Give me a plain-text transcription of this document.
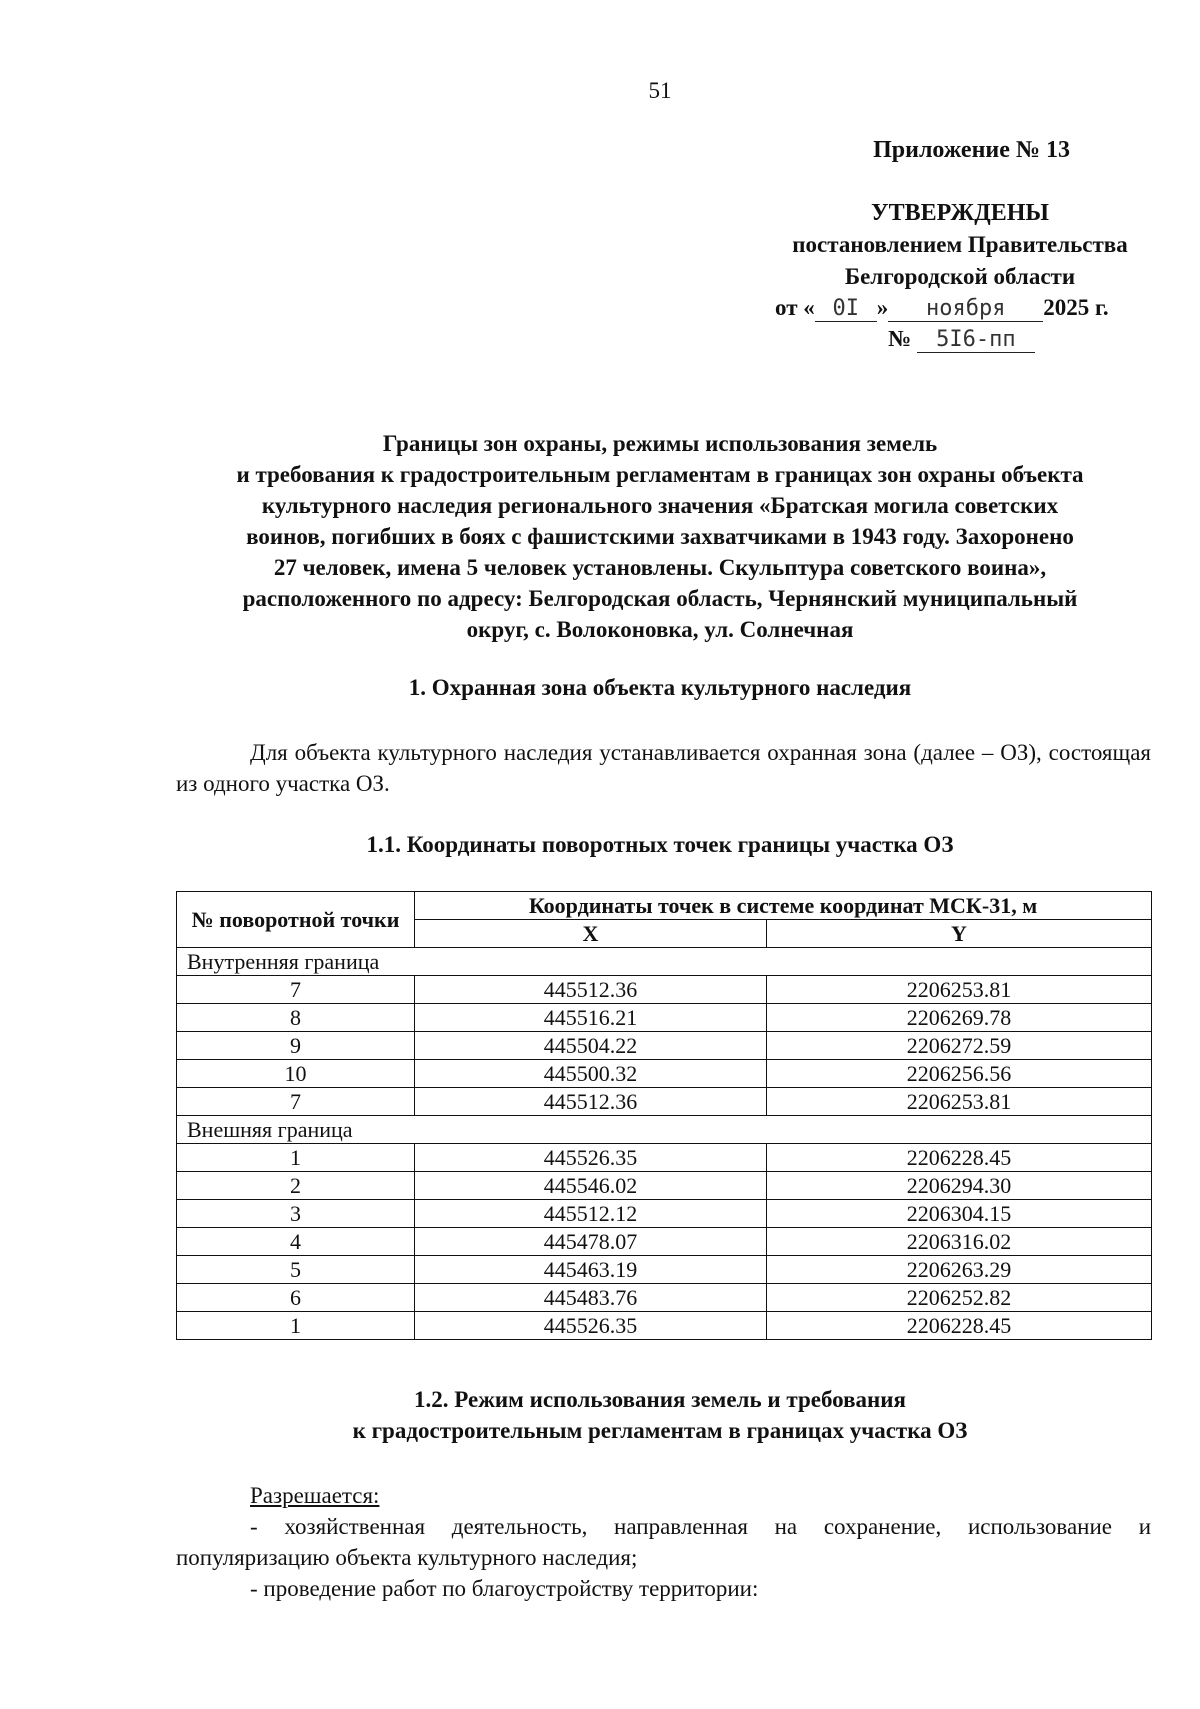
51
Приложение № 13
УТВЕРЖДЕНЫ
постановлением Правительства
Белгородской области
от « 0I » ноября 2025 г.
№ 5I6-пп
Границы зон охраны, режимы использования земель
и требования к градостроительным регламентам в границах зон охраны объекта
культурного наследия регионального значения «Братская могила советских
воинов, погибших в боях с фашистскими захватчиками в 1943 году. Захоронено
27 человек, имена 5 человек установлены. Скульптура советского воина»,
расположенного по адресу: Белгородская область, Чернянский муниципальный
округ, с. Волоконовка, ул. Солнечная
1. Охранная зона объекта культурного наследия
Для объекта культурного наследия устанавливается охранная зона (далее – ОЗ), состоящая из одного участка ОЗ.
1.1. Координаты поворотных точек границы участка ОЗ
№ поворотной точки	Координаты точек в системе координат МСК-31, м	
	X	Y
Внутренняя граница		
7	445512.36	2206253.81
8	445516.21	2206269.78
9	445504.22	2206272.59
10	445500.32	2206256.56
7	445512.36	2206253.81
Внешняя граница		
1	445526.35	2206228.45
2	445546.02	2206294.30
3	445512.12	2206304.15
4	445478.07	2206316.02
5	445463.19	2206263.29
6	445483.76	2206252.82
1	445526.35	2206228.45
1.2. Режим использования земель и требования
к градостроительным регламентам в границах участка ОЗ
Разрешается:
- хозяйственная деятельность, направленная на сохранение, использование и популяризацию объекта культурного наследия;
- проведение работ по благоустройству территории:
